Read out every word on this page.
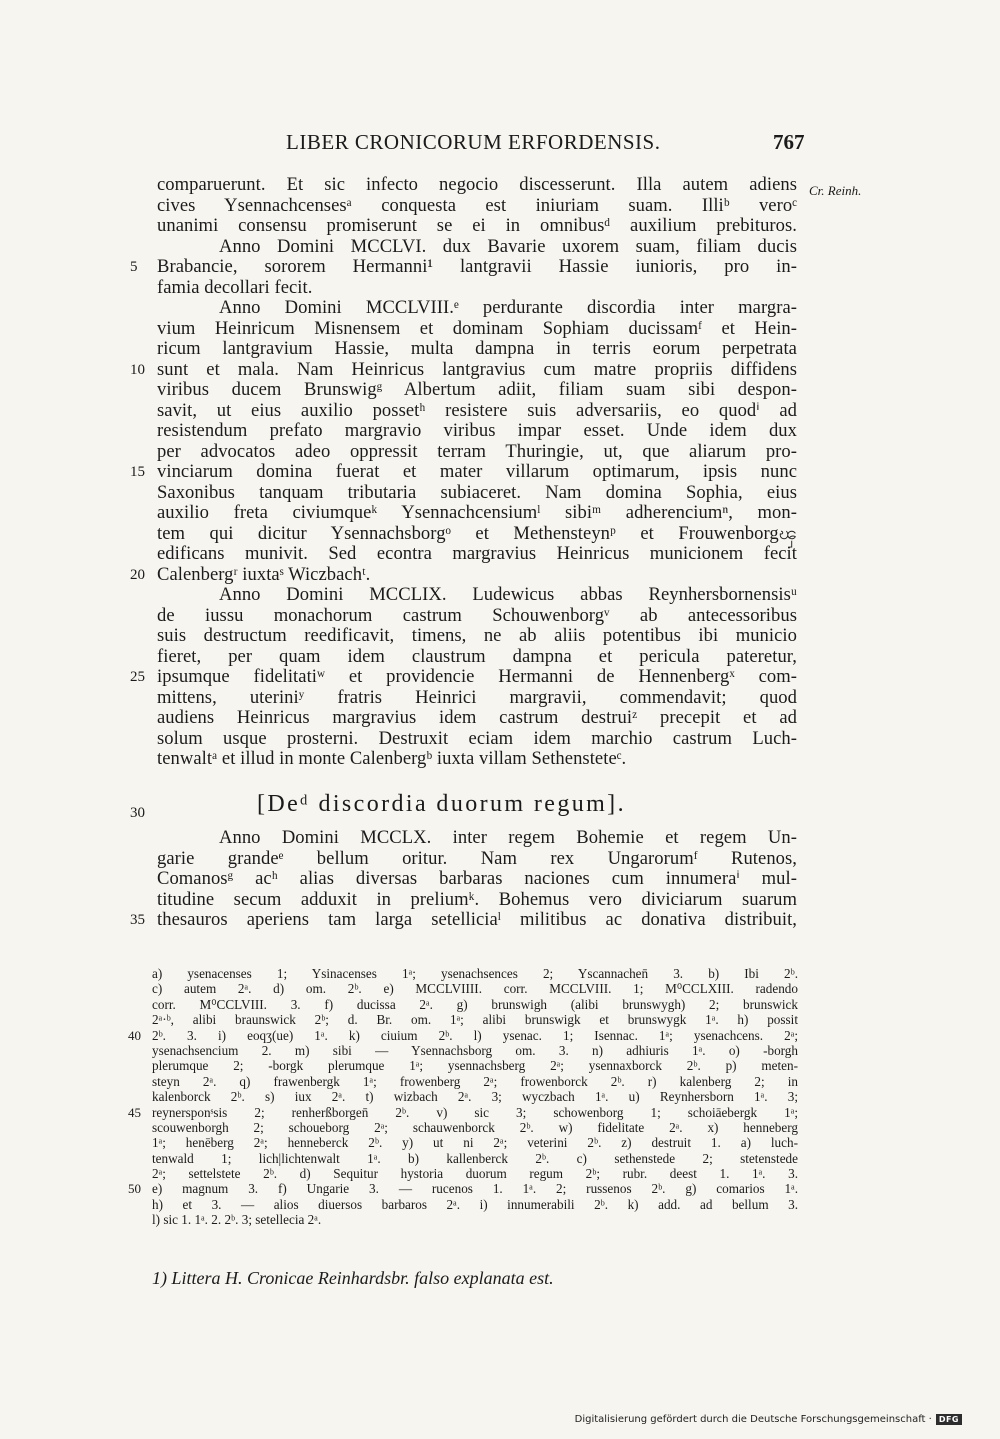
LIBER CRONICORUM ERFORDENSIS.	767
Cr. Reinh.
comparuerunt. Et sic infecto negocio discesserunt. Illa autem adiens
cives Ysennachcensesᵃ conquesta est iniuriam suam. Illiᵇ veroᶜ
unanimi consensu promiserunt se ei in omnibusᵈ auxilium prebituros.
Anno Domini MCCLVI. dux Bavarie uxorem suam, filiam ducis
5	Brabancie, sororem Hermanni¹ lantgravii Hassie iunioris, pro in-
famia decollari fecit.
Anno Domini MCCLVIII.ᵉ perdurante discordia inter margra-
vium Heinricum Misnensem et dominam Sophiam ducissamᶠ et Hein-
ricum lantgravium Hassie, multa dampna in terris eorum perpetrata
10 sunt et mala. Nam Heinricus lantgravius cum matre propriis diffidens
viribus ducem Brunswigᵍ Albertum adiit, filiam suam sibi despon-
savit, ut eius auxilio possetʰ resistere suis adversariis, eo quodⁱ ad
resistendum prefato margravio viribus impar esset. Unde idem dux
per advocatos adeo oppressit terram Thuringie, ut, que aliarum pro-
15 vinciarum domina fuerat et mater villarum optimarum, ipsis nunc
Saxonibus tanquam tributaria subiaceret. Nam domina Sophia, eius
auxilio freta civiumqueᵏ Ysennachcensiumˡ sibiᵐ adherenciumⁿ, mon-
tem qui dicitur Ysennachsborgᵒ et Methensteynᵖ et Frouwenborgၾ
edificans munivit. Sed econtra margravius Heinricus municionem fecit
20 Calenbergʳ iuxtaˢ Wiczbachᵗ.
Anno Domini MCCLIX. Ludewicus abbas Reynhersbornensisᵘ
de iussu monachorum castrum Schouwenborgᵛ ab antecessoribus
suis destructum reedificavit, timens, ne ab aliis potentibus ibi municio
fieret, per quam idem claustrum dampna et pericula pateretur,
25 ipsumque fidelitatiʷ et providencie Hermanni de Hennenbergˣ com-
mittens, uteriniʸ fratris Heinrici margravii, commendavit; quod
audiens Heinricus margravius idem castrum destruiᶻ precepit et ad
solum usque prosterni. Destruxit eciam idem marchio castrum Luch-
tenwaltᵃ et illud in monte Calenbergᵇ iuxta villam Sethensteteᶜ.
30	[Deᵈ discordia duorum regum].
Anno Domini MCCLX. inter regem Bohemie et regem Un-
garie grandeᵉ bellum oritur. Nam rex Ungarorumᶠ Rutenos,
Comanosᵍ acʰ alias diversas barbaras naciones cum innumeraⁱ mul-
titudine secum adduxit in preliumᵏ. Bohemus vero diviciarum suarum
35 thesauros aperiens tam larga setelliciaˡ militibus ac donativa distribuit,
a) ysenacenses 1; Ysinacenses 1ᵃ; ysenachsences 2; Yscannachen̄ 3. b) Ibi 2ᵇ.
c) autem 2ᵃ. d) om. 2ᵇ. e) MCCLVIIII. corr. MCCLVIII. 1; M⁰CCLXIII. radendo
corr. M⁰CCLVIII. 3. f) ducissa 2ᵃ. g) brunswigh (alibi brunswygh) 2; brunswick
2ᵃ·ᵇ, alibi braunswick 2ᵇ; d. Br. om. 1ᵃ; alibi brunswigk et brunswygk 1ᵃ. h) possit
40 2ᵇ. 3. i) eoqʒ(ue) 1ᵃ. k) ciuium 2ᵇ. l) ysenac. 1; Isennac. 1ᵃ; ysenachcens. 2ᵃ;
ysenachsencium 2. m) sibi — Ysennachsborg om. 3. n) adhiuris 1ᵃ. o) -borgh
plerumque 2; -borgk plerumque 1ᵃ; ysennachsberg 2ᵃ; ysennaxborck 2ᵇ. p) meten-
steyn 2ᵃ. q) frawenbergk 1ᵃ; frowenberg 2ᵃ; frowenborck 2ᵇ. r) kalenberg 2; in
kalenborck 2ᵇ. s) iux 2ᵃ. t) wizbach 2ᵃ. 3; wyczbach 1ᵃ. u) Reynhersborn 1ᵃ. 3;
45 reynersponˢsis 2; renherßborgen̄ 2ᵇ. v) sic 3; schowenborg 1; schoiāebergk 1ᵃ;
scouwenborgh 2; schoueborg 2ᵃ; schauwenborck 2ᵇ. w) fidelitate 2ᵃ. x) henneberg
1ᵃ; henēberg 2ᵃ; henneberck 2ᵇ. y) ut ni 2ᵃ; veterini 2ᵇ. z) destruit 1. a) luch-
tenwald 1; lich|lichtenwalt 1ᵃ. b) kallenberck 2ᵇ. c) sethenstede 2; stetenstede
2ᵃ; settelstete 2ᵇ. d) Sequitur hystoria duorum regum 2ᵇ; rubr. deest 1. 1ᵃ. 3.
50 e) magnum 3. f) Ungarie 3. — rucenos 1. 1ᵃ. 2; russenos 2ᵇ. g) comarios 1ᵃ.
h) et 3. — alios diuersos barbaros 2ᵃ. i) innumerabili 2ᵇ. k) add. ad bellum 3.
l) sic 1. 1ᵃ. 2. 2ᵇ. 3; setellecia 2ᵃ.
1) Littera H. Cronicae Reinhardsbr. falso explanata est.
Digitalisierung gefördert durch die Deutsche Forschungsgemeinschaft · DFG
